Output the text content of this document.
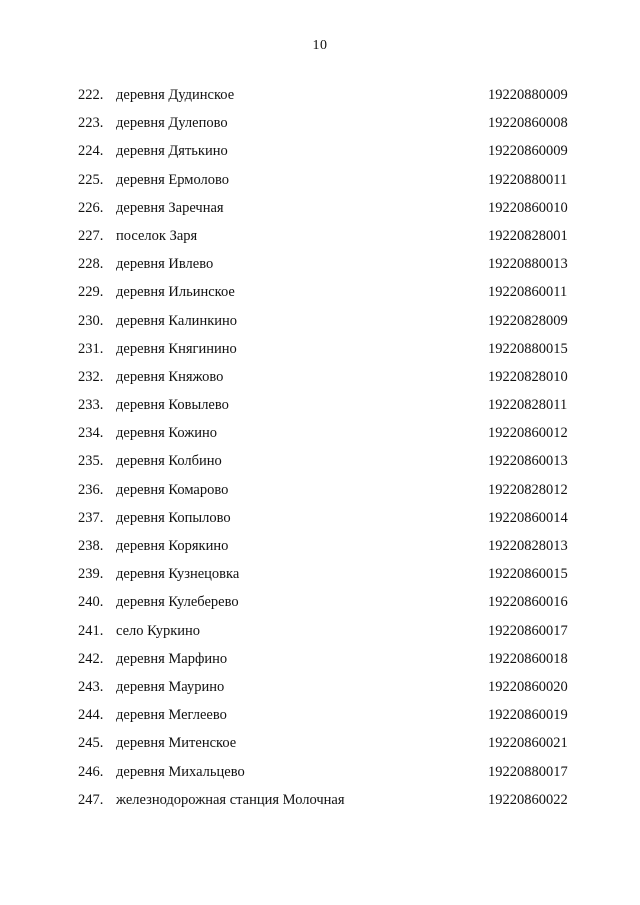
10
222. деревня Дудинское	19220880009
223. деревня Дулепово	19220860008
224. деревня Дятькино	19220860009
225. деревня Ермолово	19220880011
226. деревня Заречная	19220860010
227. поселок Заря	19220828001
228. деревня Ивлево	19220880013
229. деревня Ильинское	19220860011
230. деревня Калинкино	19220828009
231. деревня Княгинино	19220880015
232. деревня Княжово	19220828010
233. деревня Ковылево	19220828011
234. деревня Кожино	19220860012
235. деревня Колбино	19220860013
236. деревня Комарово	19220828012
237. деревня Копылово	19220860014
238. деревня Корякино	19220828013
239. деревня Кузнецовка	19220860015
240. деревня Кулеберево	19220860016
241. село Куркино	19220860017
242. деревня Марфино	19220860018
243. деревня Маурино	19220860020
244. деревня Меглеево	19220860019
245. деревня Митенское	19220860021
246. деревня Михальцево	19220880017
247. железнодорожная станция Молочная	19220860022
